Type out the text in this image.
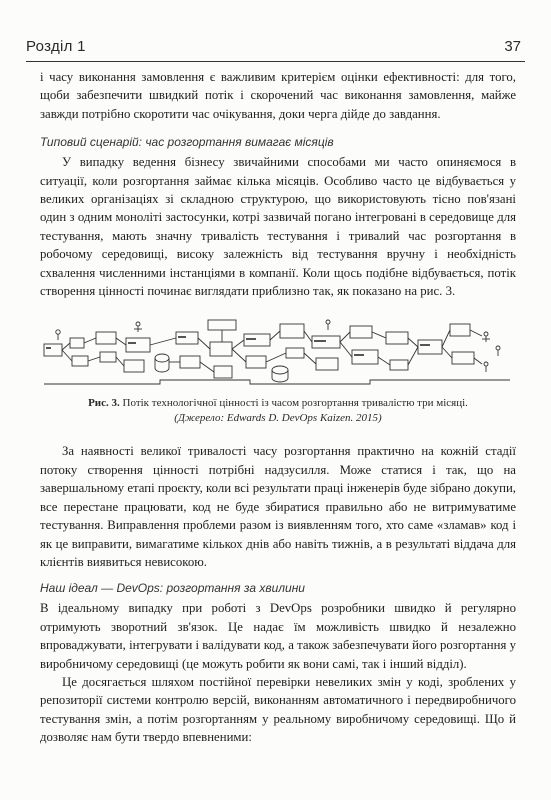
Розділ 1	37

і часу виконання замовлення є важливим критерієм оцінки ефективності: для того, щоби забезпечити швидкий потік і скорочений час виконання замовлення, майже завжди потрібно скоротити час очікування, доки черга дійде до завдання.

Типовий сценарій: час розгортання вимагає місяців

У випадку ведення бізнесу звичайними способами ми часто опиняємося в ситуації, коли розгортання займає кілька місяців. Особливо часто це відбувається у великих організаціях зі складною структурою, що використовують тісно пов'язані один з одним моноліті застосунки, котрі зазвичай погано інтегровані в середовище для тестування, мають значну тривалість тестування і тривалий час розгортання в робочому середовищі, високу залежність від тестування вручну і необхідність схвалення численними інстанціями в компанії. Коли щось подібне відбувається, потік створення цінності починає виглядати приблизно так, як показано на рис. 3.

Рис. 3. Потік технологічної цінності із часом розгортання тривалістю три місяці.
(Джерело: Edwards D. DevOps Kaizen. 2015)

За наявності великої тривалості часу розгортання практично на кожній стадії потоку створення цінності потрібні надзусилля. Може статися і так, що на завершальному етапі проєкту, коли всі результати праці інженерів буде зібрано докупи, все перестане працювати, код не буде збиратися правильно або не витримуватиме тестування. Виправлення проблеми разом із виявленням того, хто саме «зламав» код і як це виправити, вимагатиме кількох днів або навіть тижнів, а в результаті віддача для клієнтів виявиться невисокою.

Наш ідеал — DevOps: розгортання за хвилини

В ідеальному випадку при роботі з DevOps розробники швидко й регулярно отримують зворотний зв'язок. Це надає їм можливість швидко й незалежно впроваджувати, інтегрувати і валідувати код, а також забезпечувати його розгортання у виробничому середовищі (це можуть робити як вони самі, так і інший відділ).

Це досягається шляхом постійної перевірки невеликих змін у коді, зроблених у репозиторії системи контролю версій, виконанням автоматичного і передвиробничого тестування змін, а потім розгортанням у реальному виробничому середовищі. Що й дозволяє нам бути твердо впевненими:
